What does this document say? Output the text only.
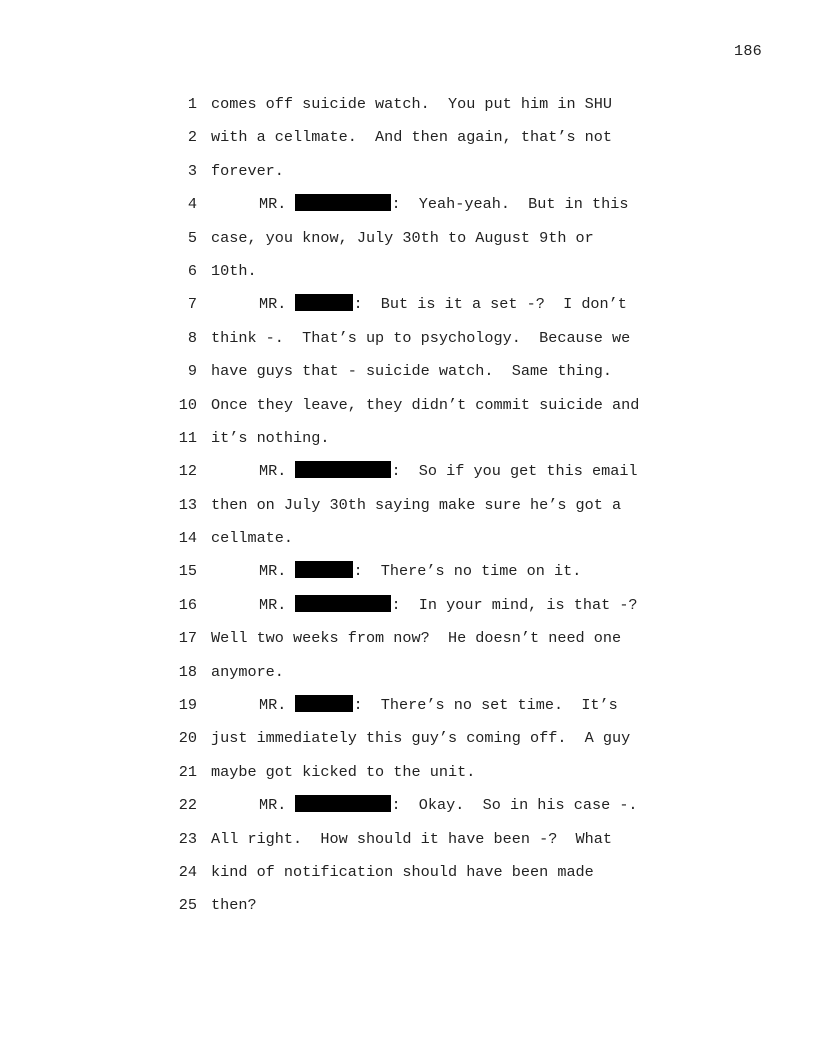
186
1 comes off suicide watch.  You put him in SHU
2 with a cellmate.  And then again, that’s not
3 forever.
4	MR.	:  Yeah-yeah.  But in this
5 case, you know, July 30th to August 9th or
6 10th.
7	MR.	:  But is it a set -?  I don’t
8 think -.  That’s up to psychology.  Because we
9 have guys that - suicide watch.  Same thing.
10 Once they leave, they didn’t commit suicide and
11 it’s nothing.
12	MR.	:  So if you get this email
13 then on July 30th saying make sure he’s got a
14 cellmate.
15	MR.	:  There’s no time on it.
16	MR.	:  In your mind, is that -?
17 Well two weeks from now?  He doesn’t need one
18 anymore.
19	MR.	:  There’s no set time.  It’s
20 just immediately this guy’s coming off.  A guy
21 maybe got kicked to the unit.
22	MR.	:  Okay.  So in his case -.
23 All right.  How should it have been -?  What
24 kind of notification should have been made
25 then?
